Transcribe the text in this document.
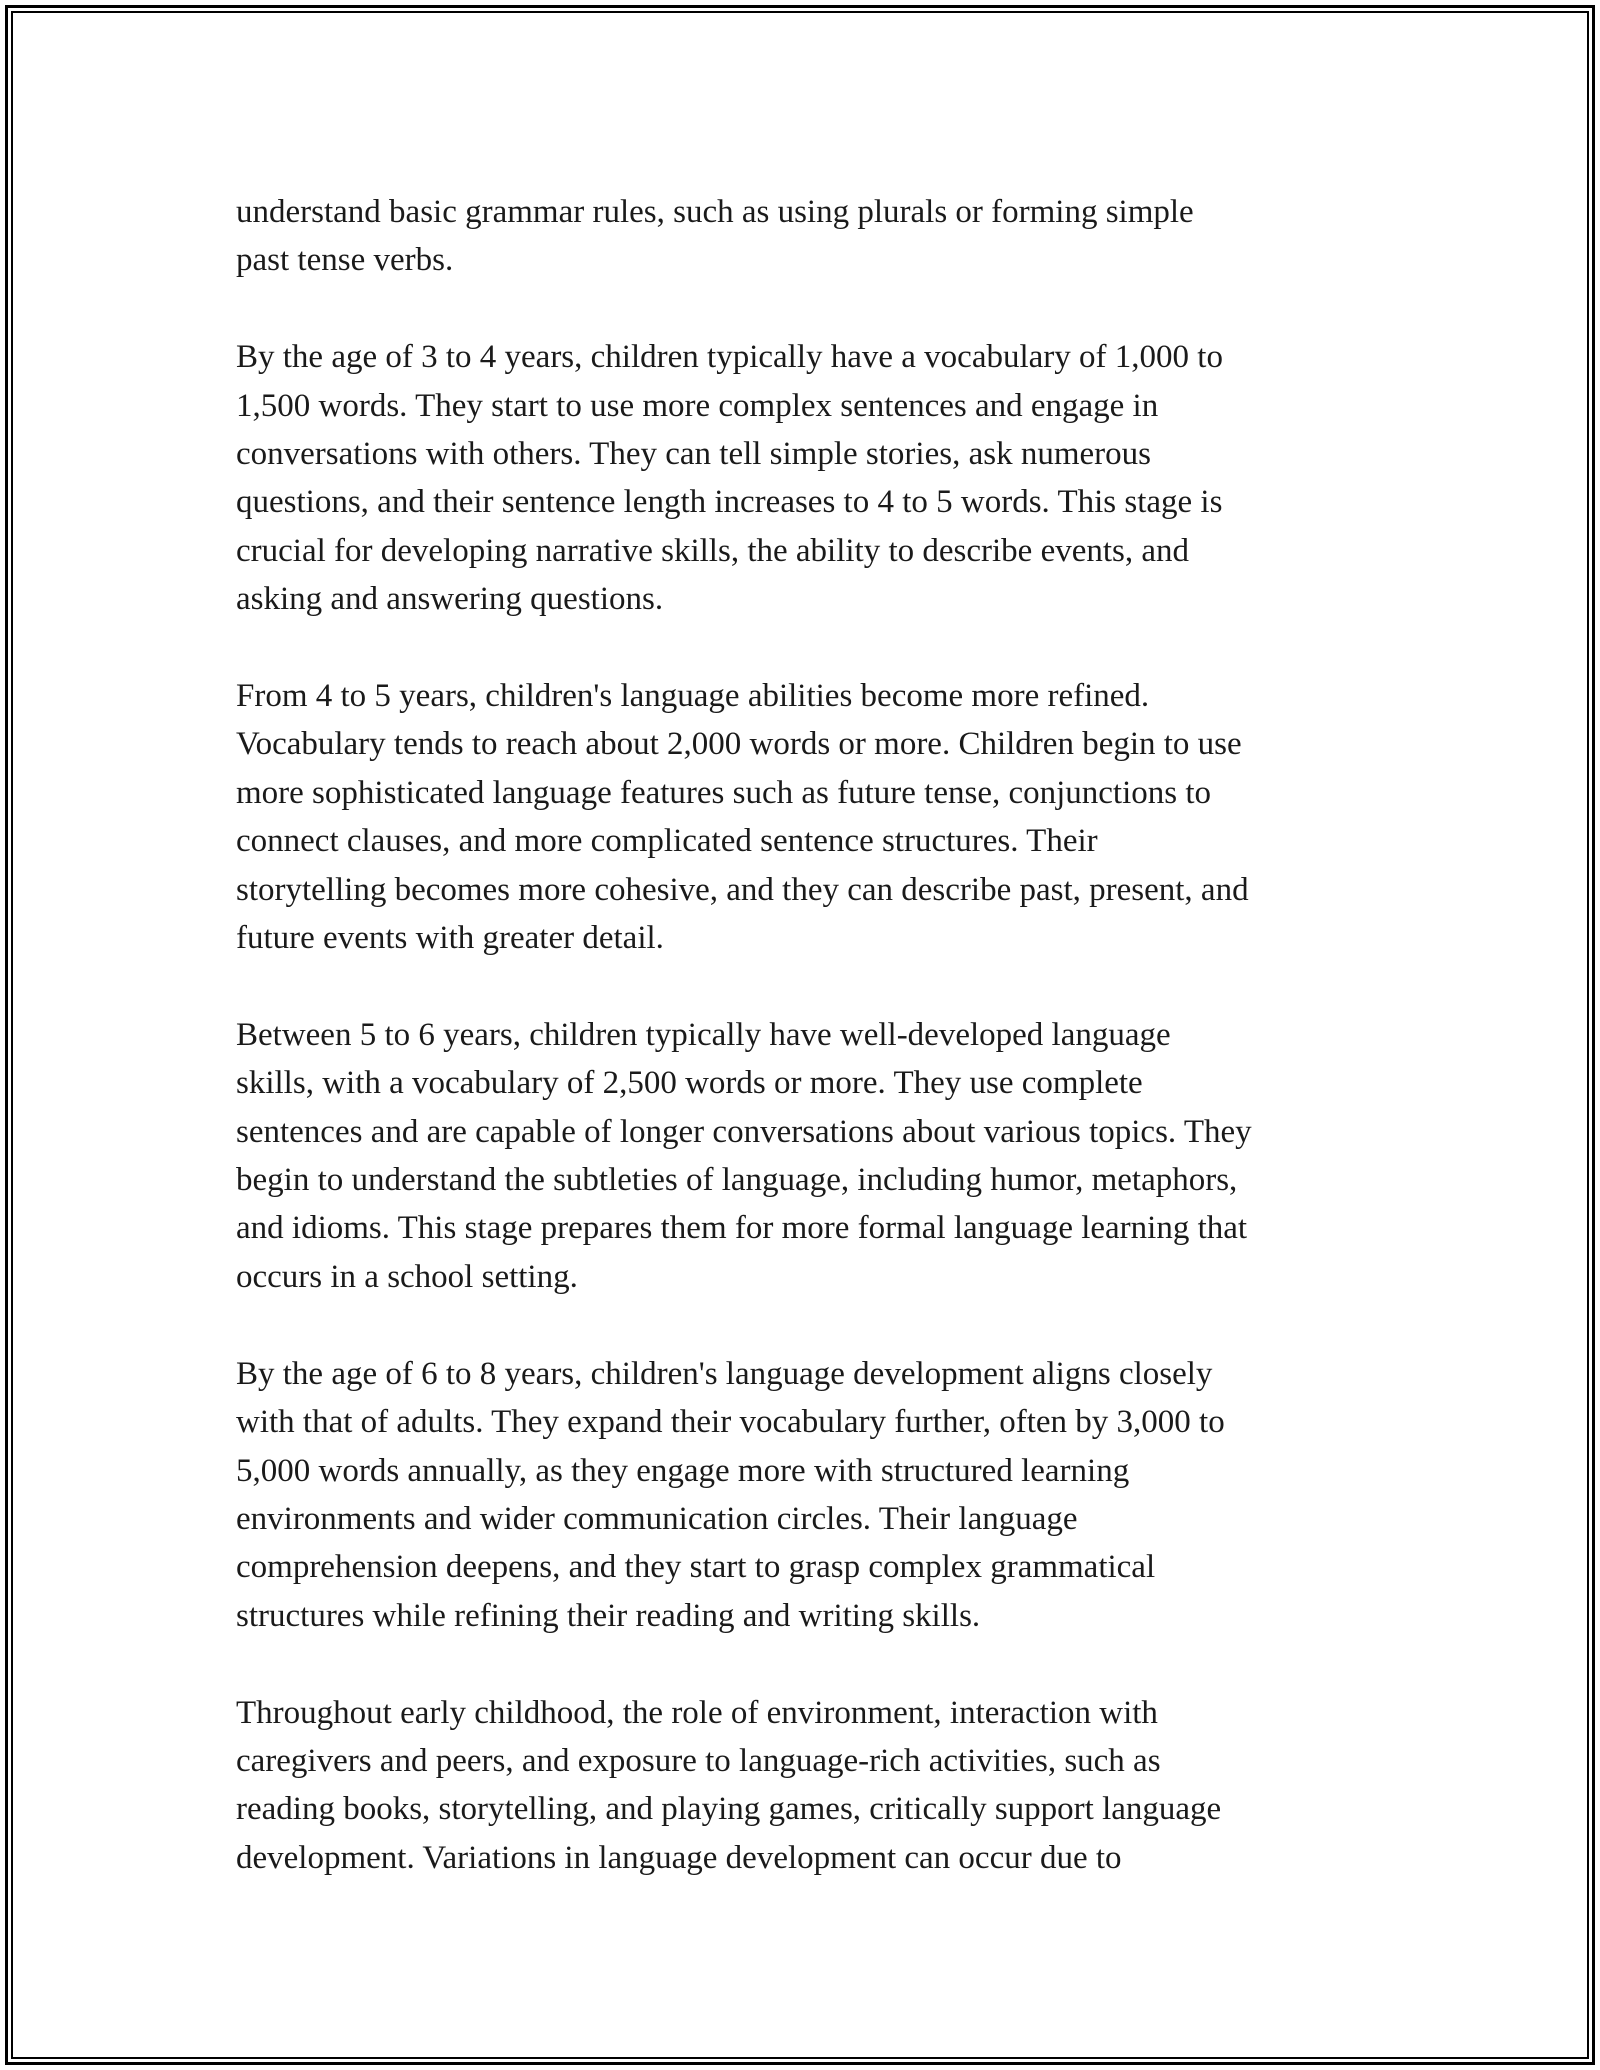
understand basic grammar rules, such as using plurals or forming simple
past tense verbs.

By the age of 3 to 4 years, children typically have a vocabulary of 1,000 to
1,500 words. They start to use more complex sentences and engage in
conversations with others. They can tell simple stories, ask numerous
questions, and their sentence length increases to 4 to 5 words. This stage is
crucial for developing narrative skills, the ability to describe events, and
asking and answering questions.

From 4 to 5 years, children's language abilities become more refined.
Vocabulary tends to reach about 2,000 words or more. Children begin to use
more sophisticated language features such as future tense, conjunctions to
connect clauses, and more complicated sentence structures. Their
storytelling becomes more cohesive, and they can describe past, present, and
future events with greater detail.

Between 5 to 6 years, children typically have well-developed language
skills, with a vocabulary of 2,500 words or more. They use complete
sentences and are capable of longer conversations about various topics. They
begin to understand the subtleties of language, including humor, metaphors,
and idioms. This stage prepares them for more formal language learning that
occurs in a school setting.

By the age of 6 to 8 years, children's language development aligns closely
with that of adults. They expand their vocabulary further, often by 3,000 to
5,000 words annually, as they engage more with structured learning
environments and wider communication circles. Their language
comprehension deepens, and they start to grasp complex grammatical
structures while refining their reading and writing skills.

Throughout early childhood, the role of environment, interaction with
caregivers and peers, and exposure to language-rich activities, such as
reading books, storytelling, and playing games, critically support language
development. Variations in language development can occur due to
